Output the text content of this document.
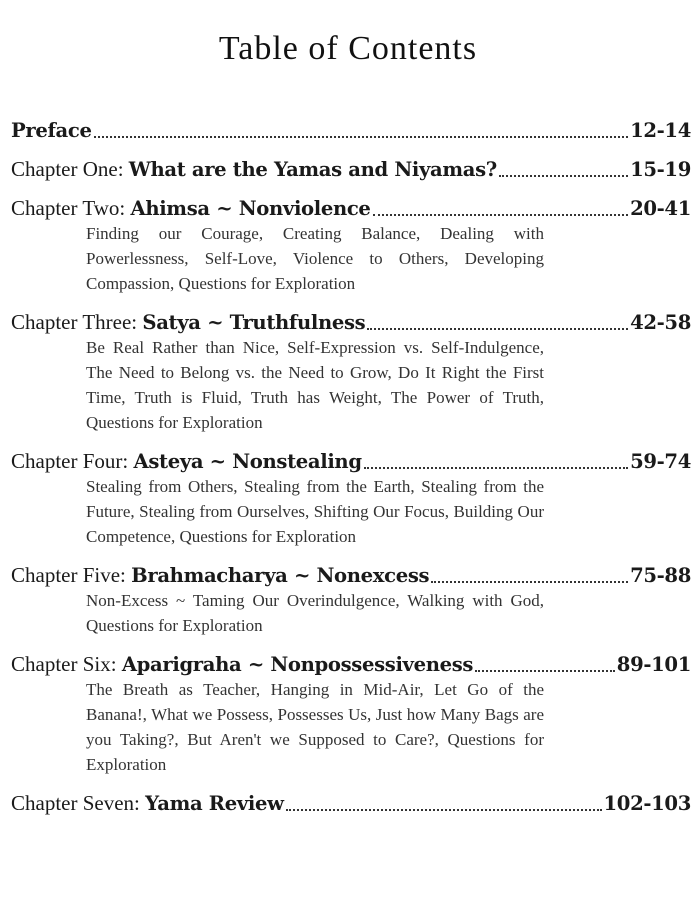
Table of Contents
Preface	12-14
Chapter One: What are the Yamas and Niyamas?	15-19
Chapter Two: Ahimsa ~ Nonviolence	20-41
Finding our Courage, Creating Balance, Dealing with Powerlessness, Self-Love, Violence to Others, Developing Compassion, Questions for Exploration
Chapter Three: Satya ~ Truthfulness	42-58
Be Real Rather than Nice, Self-Expression vs. Self-Indulgence, The Need to Belong vs. the Need to Grow, Do It Right the First Time, Truth is Fluid, Truth has Weight, The Power of Truth, Questions for Exploration
Chapter Four: Asteya ~ Nonstealing	59-74
Stealing from Others, Stealing from the Earth, Stealing from the Future, Stealing from Ourselves, Shifting Our Focus, Building Our Competence, Questions for Exploration
Chapter Five: Brahmacharya ~ Nonexcess	75-88
Non-Excess ~ Taming Our Overindulgence, Walking with God, Questions for Exploration
Chapter Six: Aparigraha ~ Nonpossessiveness	89-101
The Breath as Teacher, Hanging in Mid-Air, Let Go of the Banana!, What we Possess, Possesses Us, Just how Many Bags are you Taking?, But Aren't we Supposed to Care?, Questions for Exploration
Chapter Seven: Yama Review	102-103
